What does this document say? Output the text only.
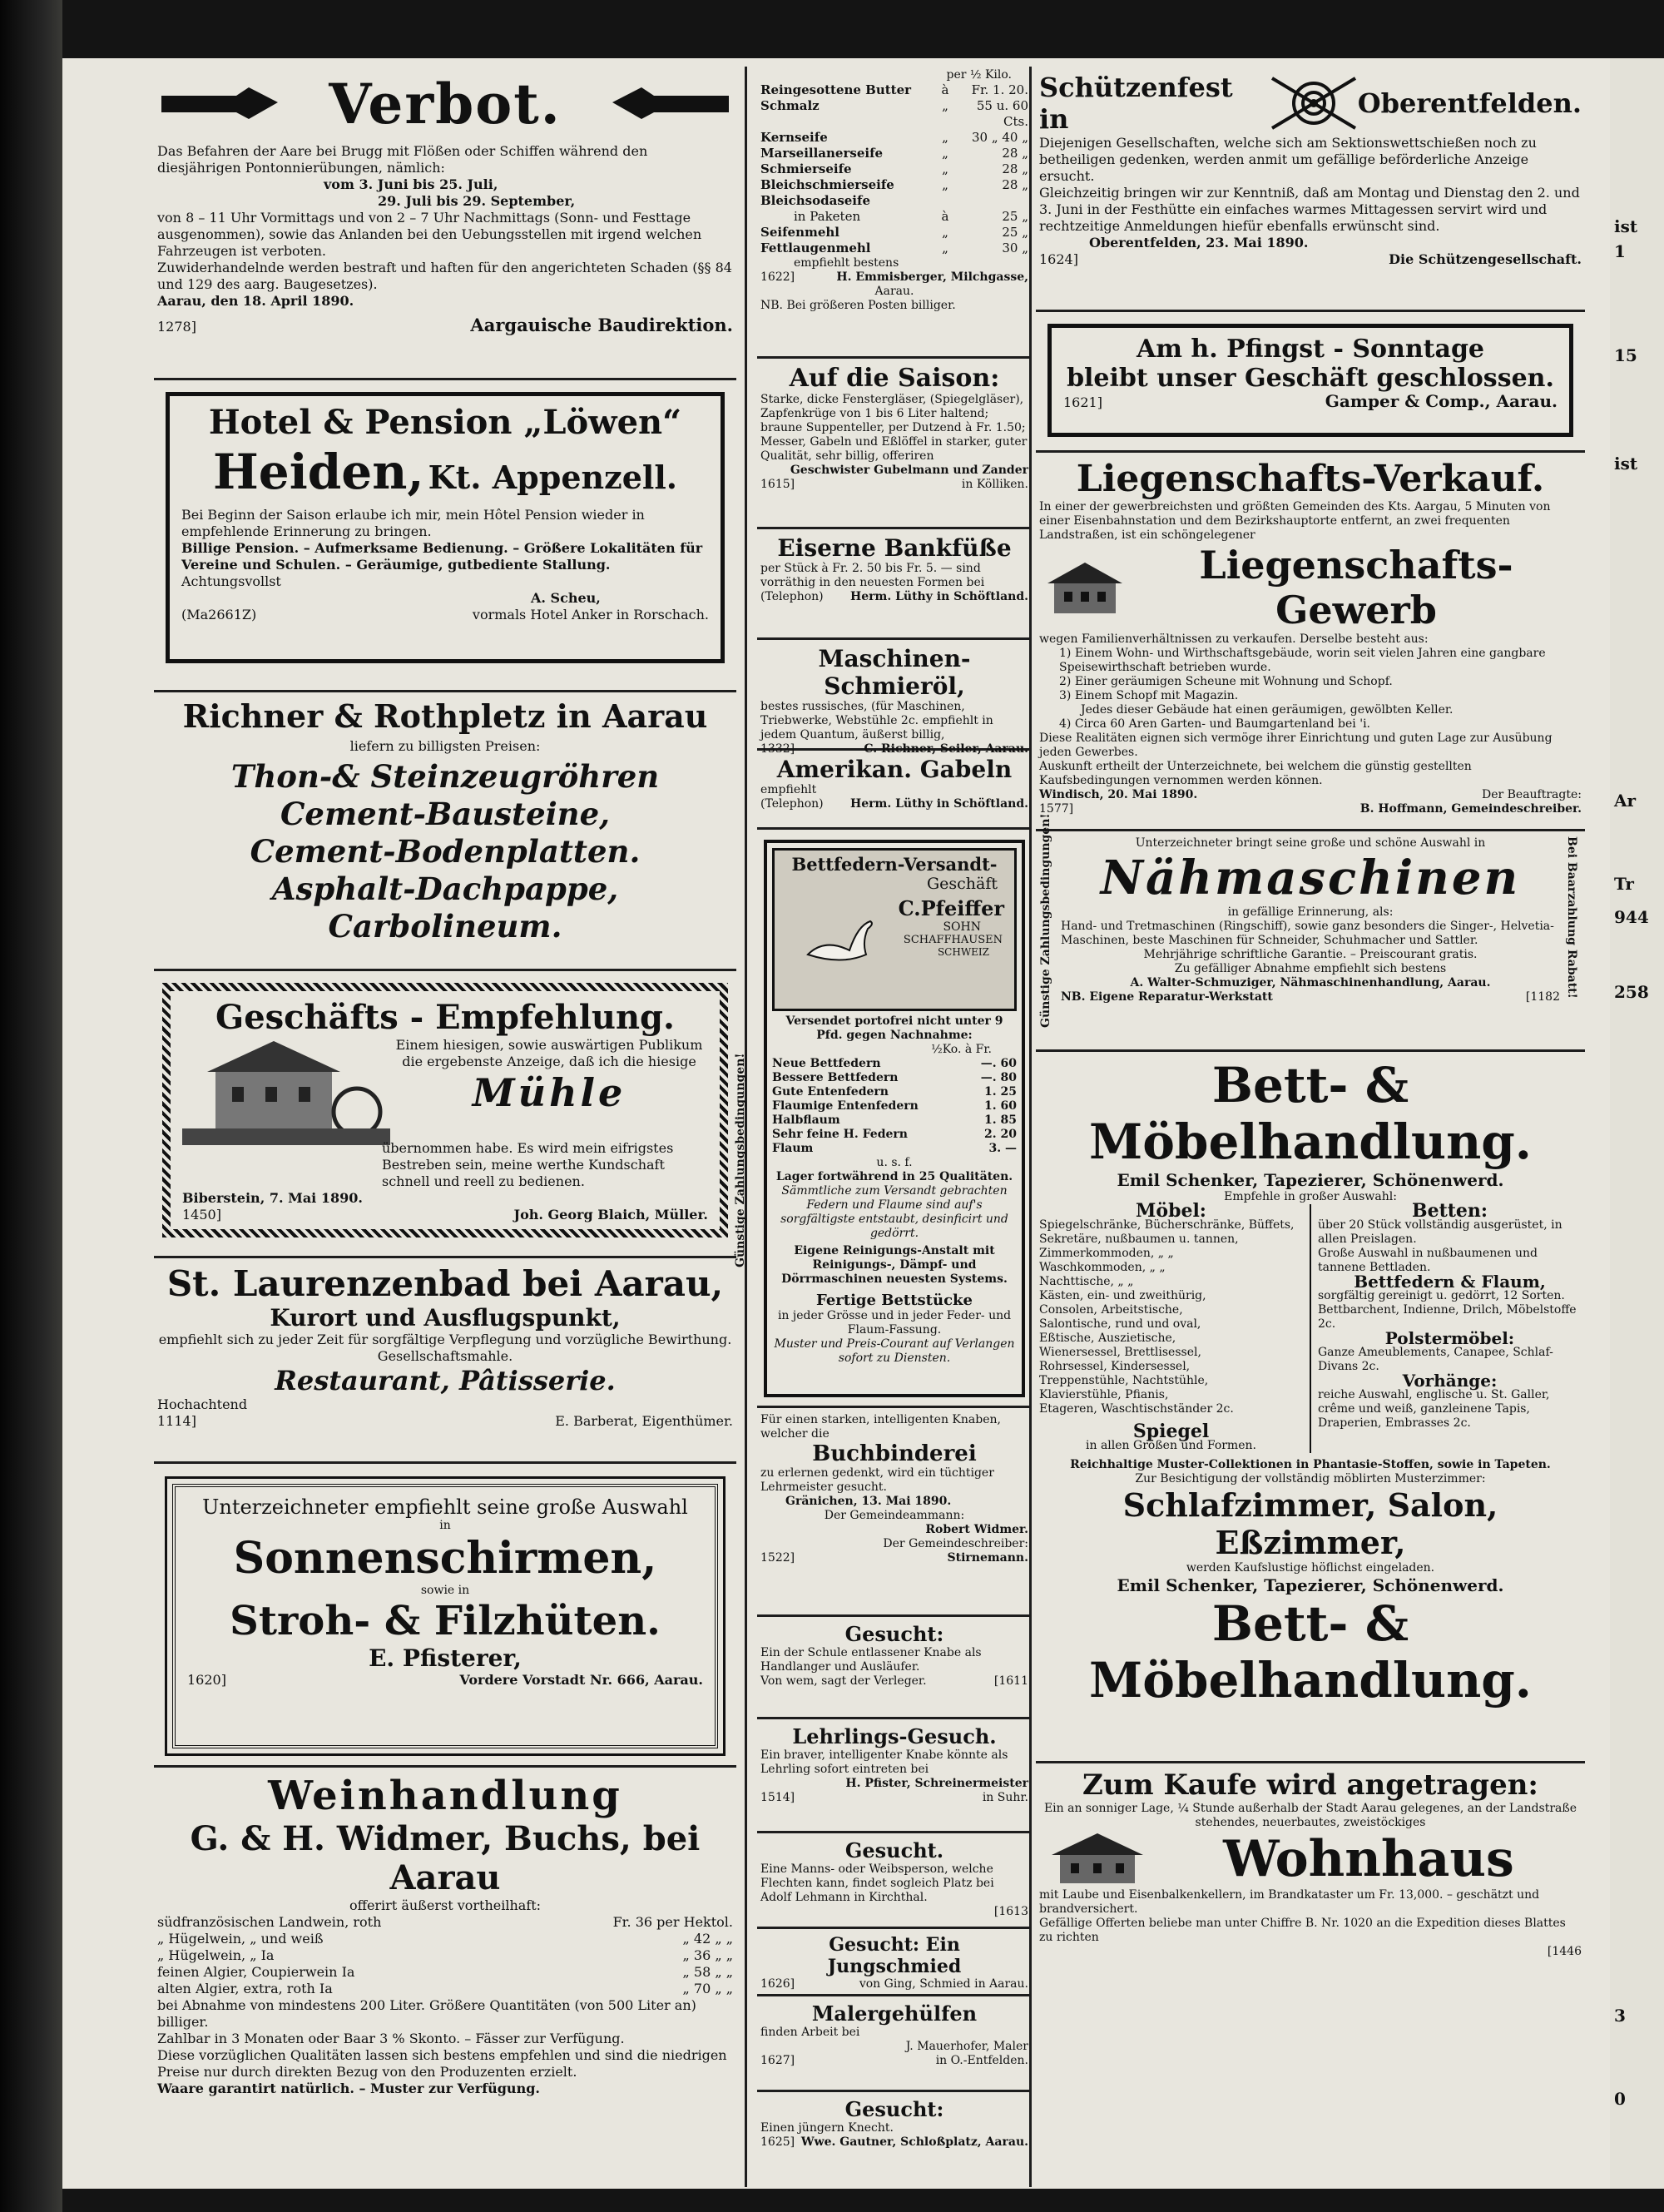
ist
1
15
ist
Ar
Tr
944
258
3
0
Verbot.
Das Befahren der Aare bei Brugg mit Flößen oder Schiffen während den diesjährigen Pontonnierübungen, nämlich:
vom 3. Juni bis 25. Juli,
29. Juli bis 29. September,
von 8 – 11 Uhr Vormittags und von 2 – 7 Uhr Nachmittags (Sonn- und Festtage ausgenommen), sowie das Anlanden bei den Uebungsstellen mit irgend welchen Fahrzeugen ist verboten.
Zuwiderhandelnde werden bestraft und haften für den angerichteten Schaden (§§ 84 und 129 des aarg. Baugesetzes).
Aarau, den 18. April 1890.
1278]	Aargauische Baudirektion.
Hotel & Pension „Löwen“
Heiden, Kt. Appenzell.
Bei Beginn der Saison erlaube ich mir, mein Hôtel Pension wieder in empfehlende Erinnerung zu bringen.
Billige Pension. – Aufmerksame Bedienung. – Größere Lokalitäten für Vereine und Schulen. – Geräumige, gutbediente Stallung.
Achtungsvollst
A. Scheu,
(Ma2661Z)	vormals Hotel Anker in Rorschach.
Richner & Rothpletz in Aarau
liefern zu billigsten Preisen:
Thon-& Steinzeugröhren
Cement-Bausteine,
Cement-Bodenplatten.
Asphalt-Dachpappe,
Carbolineum.
Geschäfts - Empfehlung.
Einem hiesigen, sowie auswärtigen Publikum die ergebenste Anzeige, daß ich die hiesige
Mühle
übernommen habe. Es wird mein eifrigstes Bestreben sein, meine werthe Kundschaft schnell und reell zu bedienen.
Biberstein, 7. Mai 1890.
1450]	Joh. Georg Blaich, Müller.
St. Laurenzenbad bei Aarau,
Kurort und Ausflugspunkt,
empfiehlt sich zu jeder Zeit für sorgfältige Verpflegung und vorzügliche Bewirthung. Gesellschaftsmahle.
Restaurant, Pâtisserie.
Hochachtend
1114]	E. Barberat, Eigenthümer.
Unterzeichneter empfiehlt seine große Auswahl
in
Sonnenschirmen,
sowie in
Stroh- & Filzhüten.
E. Pfisterer,
1620]	Vordere Vorstadt Nr. 666, Aarau.
Weinhandlung
G. & H. Widmer, Buchs, bei Aarau
offerirt äußerst vortheilhaft:
südfranzösischen Landwein, roth	Fr. 36 per Hektol.
„ Hügelwein, „ und weiß	„ 42 „ „
„ Hügelwein, „ Ia	„ 36 „ „
feinen Algier, Coupierwein Ia	„ 58 „ „
alten Algier, extra, roth Ia	„ 70 „ „
bei Abnahme von mindestens 200 Liter. Größere Quantitäten (von 500 Liter an) billiger.
Zahlbar in 3 Monaten oder Baar 3 % Skonto. – Fässer zur Verfügung.
Diese vorzüglichen Qualitäten lassen sich bestens empfehlen und sind die niedrigen Preise nur durch direkten Bezug von den Produzenten erzielt.
Waare garantirt natürlich. – Muster zur Verfügung.
per ½ Kilo.
Reingesottene Butter	à	Fr. 1. 20.
Schmalz	„	55 u. 60 Cts.
Kernseife	„	30 „ 40 „
Marseillanerseife	„	28 „
Schmierseife	„	28 „
Bleichschmierseife	„	28 „
Bleichsodaseife
in Paketen	à	25 „
Seifenmehl	„	25 „
Fettlaugenmehl	„	30 „
empfiehlt bestens
1622]	H. Emmisberger, Milchgasse,
Aarau.
NB. Bei größeren Posten billiger.
Auf die Saison:
Starke, dicke Fenstergläser, (Spiegelgläser), Zapfenkrüge von 1 bis 6 Liter haltend; braune Suppenteller, per Dutzend à Fr. 1.50; Messer, Gabeln und Eßlöffel in starker, guter Qualität, sehr billig, offeriren
Geschwister Gubelmann und Zander
1615]	in Kölliken.
Eiserne Bankfüße
per Stück à Fr. 2. 50 bis Fr. 5. — sind vorräthig in den neuesten Formen bei
(Telephon) Herm. Lüthy in Schöftland.
Maschinen-Schmieröl,
bestes russisches, (für Maschinen, Triebwerke, Webstühle 2c. empfiehlt in jedem Quantum, äußerst billig,
1332]	C. Richner, Seiler, Aarau.
Amerikan. Gabeln
empfiehlt
(Telephon) Herm. Lüthy in Schöftland.
Günstige Zahlungsbedingungen!
Bettfedern-Versandt-
Geschäft
C.Pfeiffer
SOHN
SCHAFFHAUSEN
SCHWEIZ
Versendet portofrei nicht unter 9 Pfd. gegen Nachnahme:
½Ko. à Fr.
Neue Bettfedern	—. 60
Bessere Bettfedern	—. 80
Gute Entenfedern	1. 25
Flaumige Entenfedern	1. 60
Halbflaum	1. 85
Sehr feine H. Federn	2. 20
Flaum	3. —
u. s. f.
Lager fortwährend in 25 Qualitäten.
Sämmtliche zum Versandt gebrachten Federn und Flaume sind auf's sorgfältigste entstaubt, desinficirt und gedörrt.
Eigene Reinigungs-Anstalt mit Reinigungs-, Dämpf- und Dörrmaschinen neuesten Systems.
Fertige Bettstücke
in jeder Grösse und in jeder Feder- und Flaum-Fassung.
Muster und Preis-Courant auf Verlangen sofort zu Diensten.
Für einen starken, intelligenten Knaben, welcher die
Buchbinderei
zu erlernen gedenkt, wird ein tüchtiger Lehrmeister gesucht.
Gränichen, 13. Mai 1890.
Der Gemeindeammann:
Robert Widmer.
Der Gemeindeschreiber:
1522]	Stirnemann.
Gesucht:
Ein der Schule entlassener Knabe als Handlanger und Ausläufer.
Von wem, sagt der Verleger.	[1611
Lehrlings-Gesuch.
Ein braver, intelligenter Knabe könnte als Lehrling sofort eintreten bei
H. Pfister, Schreinermeister
1514]	in Suhr.
Gesucht.
Eine Manns- oder Weibsperson, welche Flechten kann, findet sogleich Platz bei Adolf Lehmann in Kirchthal.
[1613
Gesucht: Ein Jungschmied
1626]	von Ging, Schmied in Aarau.
Malergehülfen
finden Arbeit bei
J. Mauerhofer, Maler
1627]	in O.-Entfelden.
Gesucht:
Einen jüngern Knecht.
1625] Wwe. Gautner, Schloßplatz, Aarau.
Schützenfest in	Oberentfelden.
Diejenigen Gesellschaften, welche sich am Sektionswettschießen noch zu betheiligen gedenken, werden anmit um gefällige beförderliche Anzeige ersucht.
Gleichzeitig bringen wir zur Kenntniß, daß am Montag und Dienstag den 2. und 3. Juni in der Festhütte ein einfaches warmes Mittagessen servirt wird und rechtzeitige Anmeldungen hiefür ebenfalls erwünscht sind.
Oberentfelden, 23. Mai 1890.
1624]	Die Schützengesellschaft.
Am h. Pfingst - Sonntage
bleibt unser Geschäft geschlossen.
1621]	Gamper & Comp., Aarau.
Liegenschafts-Verkauf.
In einer der gewerbreichsten und größten Gemeinden des Kts. Aargau, 5 Minuten von einer Eisenbahnstation und dem Bezirkshauptorte entfernt, an zwei frequenten Landstraßen, ist ein schöngelegener
Liegenschafts-Gewerb
wegen Familienverhältnissen zu verkaufen. Derselbe besteht aus:
1) Einem Wohn- und Wirthschaftsgebäude, worin seit vielen Jahren eine gangbare Speisewirthschaft betrieben wurde.
2) Einer geräumigen Scheune mit Wohnung und Schopf.
3) Einem Schopf mit Magazin.
Jedes dieser Gebäude hat einen geräumigen, gewölbten Keller.
4) Circa 60 Aren Garten- und Baumgartenland bei 'i.
Diese Realitäten eignen sich vermöge ihrer Einrichtung und guten Lage zur Ausübung jeden Gewerbes.
Auskunft ertheilt der Unterzeichnete, bei welchem die günstig gestellten Kaufsbedingungen vernommen werden können.
Windisch, 20. Mai 1890.	Der Beauftragte:
1577]	B. Hoffmann, Gemeindeschreiber.
Günstige Zahlungsbedingungen!	Unterzeichneter bringt seine große und schöne Auswahl in
Nähmaschinen
in gefällige Erinnerung, als:
Hand- und Tretmaschinen (Ringschiff), sowie ganz besonders die Singer-, Helvetia-Maschinen, beste Maschinen für Schneider, Schuhmacher und Sattler.
Mehrjährige schriftliche Garantie. – Preiscourant gratis.
Zu gefälliger Abnahme empfiehlt sich bestens
A. Walter-Schmuziger, Nähmaschinenhandlung, Aarau.
NB. Eigene Reparatur-Werkstatt	[1182 Bei Baarzahlung Rabatt!
Bett- & Möbelhandlung.
Emil Schenker, Tapezierer, Schönenwerd.
Empfehle in großer Auswahl:
Möbel:
Spiegelschränke, Bücherschränke, Büffets, Sekretäre, nußbaumen u. tannen, Zimmerkommoden, „ „
Waschkommoden, „ „
Nachttische, „ „
Kästen, ein- und zweithürig,
Consolen, Arbeitstische,
Salontische, rund und oval,
Eßtische, Auszietische,
Wienersessel, Brettlisessel,
Rohrsessel, Kindersessel,
Treppenstühle, Nachtstühle,
Klavierstühle, Pfianis,
Etageren, Waschtischständer 2c.
Spiegel
in allen Größen und Formen.
Betten:
über 20 Stück vollständig ausgerüstet, in allen Preislagen.
Große Auswahl in nußbaumenen und tannene Bettladen.
Bettfedern & Flaum,
sorgfältig gereinigt u. gedörrt, 12 Sorten.
Bettbarchent, Indienne, Drilch, Möbelstoffe 2c.
Polstermöbel:
Ganze Ameublements, Canapee, Schlaf-Divans 2c.
Vorhänge:
reiche Auswahl, englische u. St. Galler, crême und weiß, ganzleinene Tapis, Draperien, Embrasses 2c.
Reichhaltige Muster-Collektionen in Phantasie-Stoffen, sowie in Tapeten.
Zur Besichtigung der vollständig möblirten Musterzimmer:
Schlafzimmer, Salon, Eßzimmer,
werden Kaufslustige höflichst eingeladen.
Emil Schenker, Tapezierer, Schönenwerd.
Bett- & Möbelhandlung.
Zum Kaufe wird angetragen:
Ein an sonniger Lage, ¼ Stunde außerhalb der Stadt Aarau gelegenes, an der Landstraße stehendes, neuerbautes, zweistöckiges
Wohnhaus
mit Laube und Eisenbalkenkellern, im Brandkataster um Fr. 13,000. – geschätzt und brandversichert.
Gefällige Offerten beliebe man unter Chiffre B. Nr. 1020 an die Expedition dieses Blattes zu richten
[1446
